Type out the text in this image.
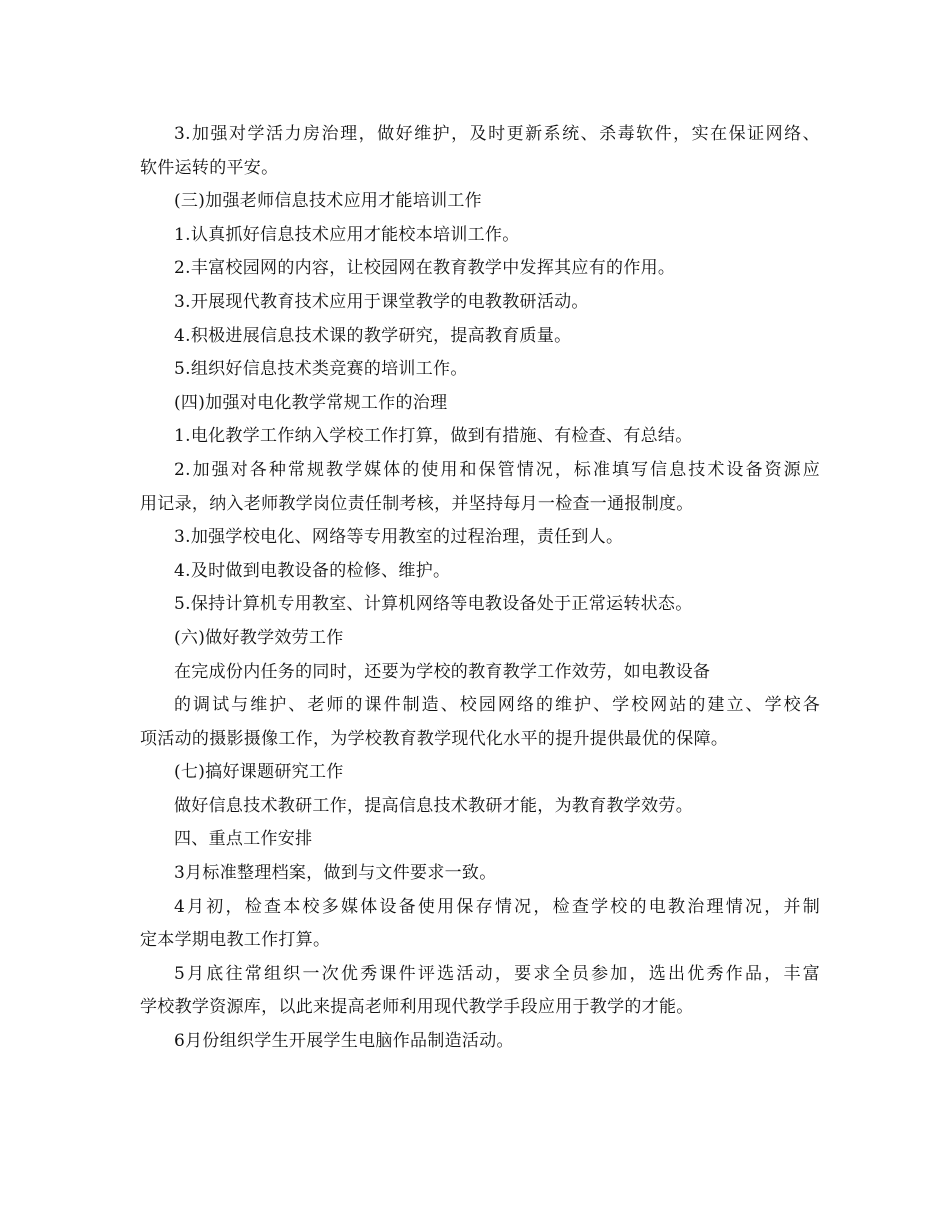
3.加强对学活力房治理，做好维护，及时更新系统、杀毒软件，实在保证网络、

软件运转的平安。

(三)加强老师信息技术应用才能培训工作

1.认真抓好信息技术应用才能校本培训工作。

2.丰富校园网的内容，让校园网在教育教学中发挥其应有的作用。

3.开展现代教育技术应用于课堂教学的电教教研活动。

4.积极进展信息技术课的教学研究，提高教育质量。

5.组织好信息技术类竞赛的培训工作。

(四)加强对电化教学常规工作的治理

1.电化教学工作纳入学校工作打算，做到有措施、有检查、有总结。

2.加强对各种常规教学媒体的使用和保管情况，标准填写信息技术设备资源应

用记录，纳入老师教学岗位责任制考核，并坚持每月一检查一通报制度。

3.加强学校电化、网络等专用教室的过程治理，责任到人。

4.及时做到电教设备的检修、维护。

5.保持计算机专用教室、计算机网络等电教设备处于正常运转状态。

(六)做好教学效劳工作

在完成份内任务的同时，还要为学校的教育教学工作效劳，如电教设备

的调试与维护、老师的课件制造、校园网络的维护、学校网站的建立、学校各

项活动的摄影摄像工作，为学校教育教学现代化水平的提升提供最优的保障。

(七)搞好课题研究工作

做好信息技术教研工作，提高信息技术教研才能，为教育教学效劳。

四、重点工作安排

3月标准整理档案，做到与文件要求一致。

4月初，检查本校多媒体设备使用保存情况，检查学校的电教治理情况，并制

定本学期电教工作打算。

5月底往常组织一次优秀课件评选活动，要求全员参加，选出优秀作品，丰富

学校教学资源库，以此来提高老师利用现代教学手段应用于教学的才能。

6月份组织学生开展学生电脑作品制造活动。
